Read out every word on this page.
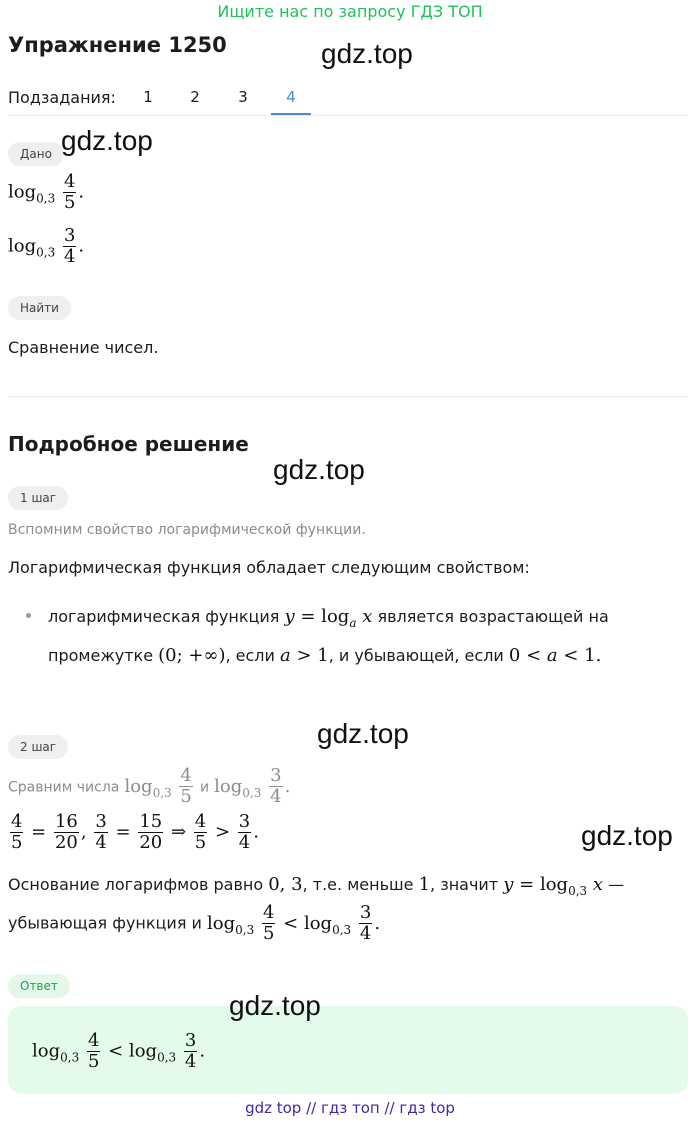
Ищите нас по запросу ГДЗ ТОП
Упражнение 1250	gdz.top
Подзадания:	1	2	3	4
Дано gdz.top
$\log_{0,3} \frac{4}{5}$ .
$\log_{0,3} \frac{3}{4}$ .
Найти
Сравнение чисел.
Подробное решение
gdz.top
1 шаг
Вспомним свойство логарифмической функции.
Логарифмическая функция обладает следующим свойством:
логарифмическая функция $y = \log_a x$ является возрастающей на
промежутке (0; +∞), если a > 1, и убывающей, если 0 < a < 1.
gdz.top
2 шаг
Сравним числа $\log_{0,3} \frac{4}{5}$ и $\log_{0,3} \frac{3}{4}$ .
$\frac{4}{5} = \frac{16}{20}$ , $\frac{3}{4} = \frac{15}{20}$ ⇒ $\frac{4}{5} > \frac{3}{4}$ .	gdz.top
Основание логарифмов равно 0, 3, т.е. меньше 1, значит $y = \log_{0,3} x$ —
убывающая функция и $\log_{0,3} \frac{4}{5} < \log_{0,3} \frac{3}{4}$ .
Ответ
gdz.top
$\log_{0,3} \frac{4}{5} < \log_{0,3} \frac{3}{4}$ .
gdz top // гдз топ // гдз top
